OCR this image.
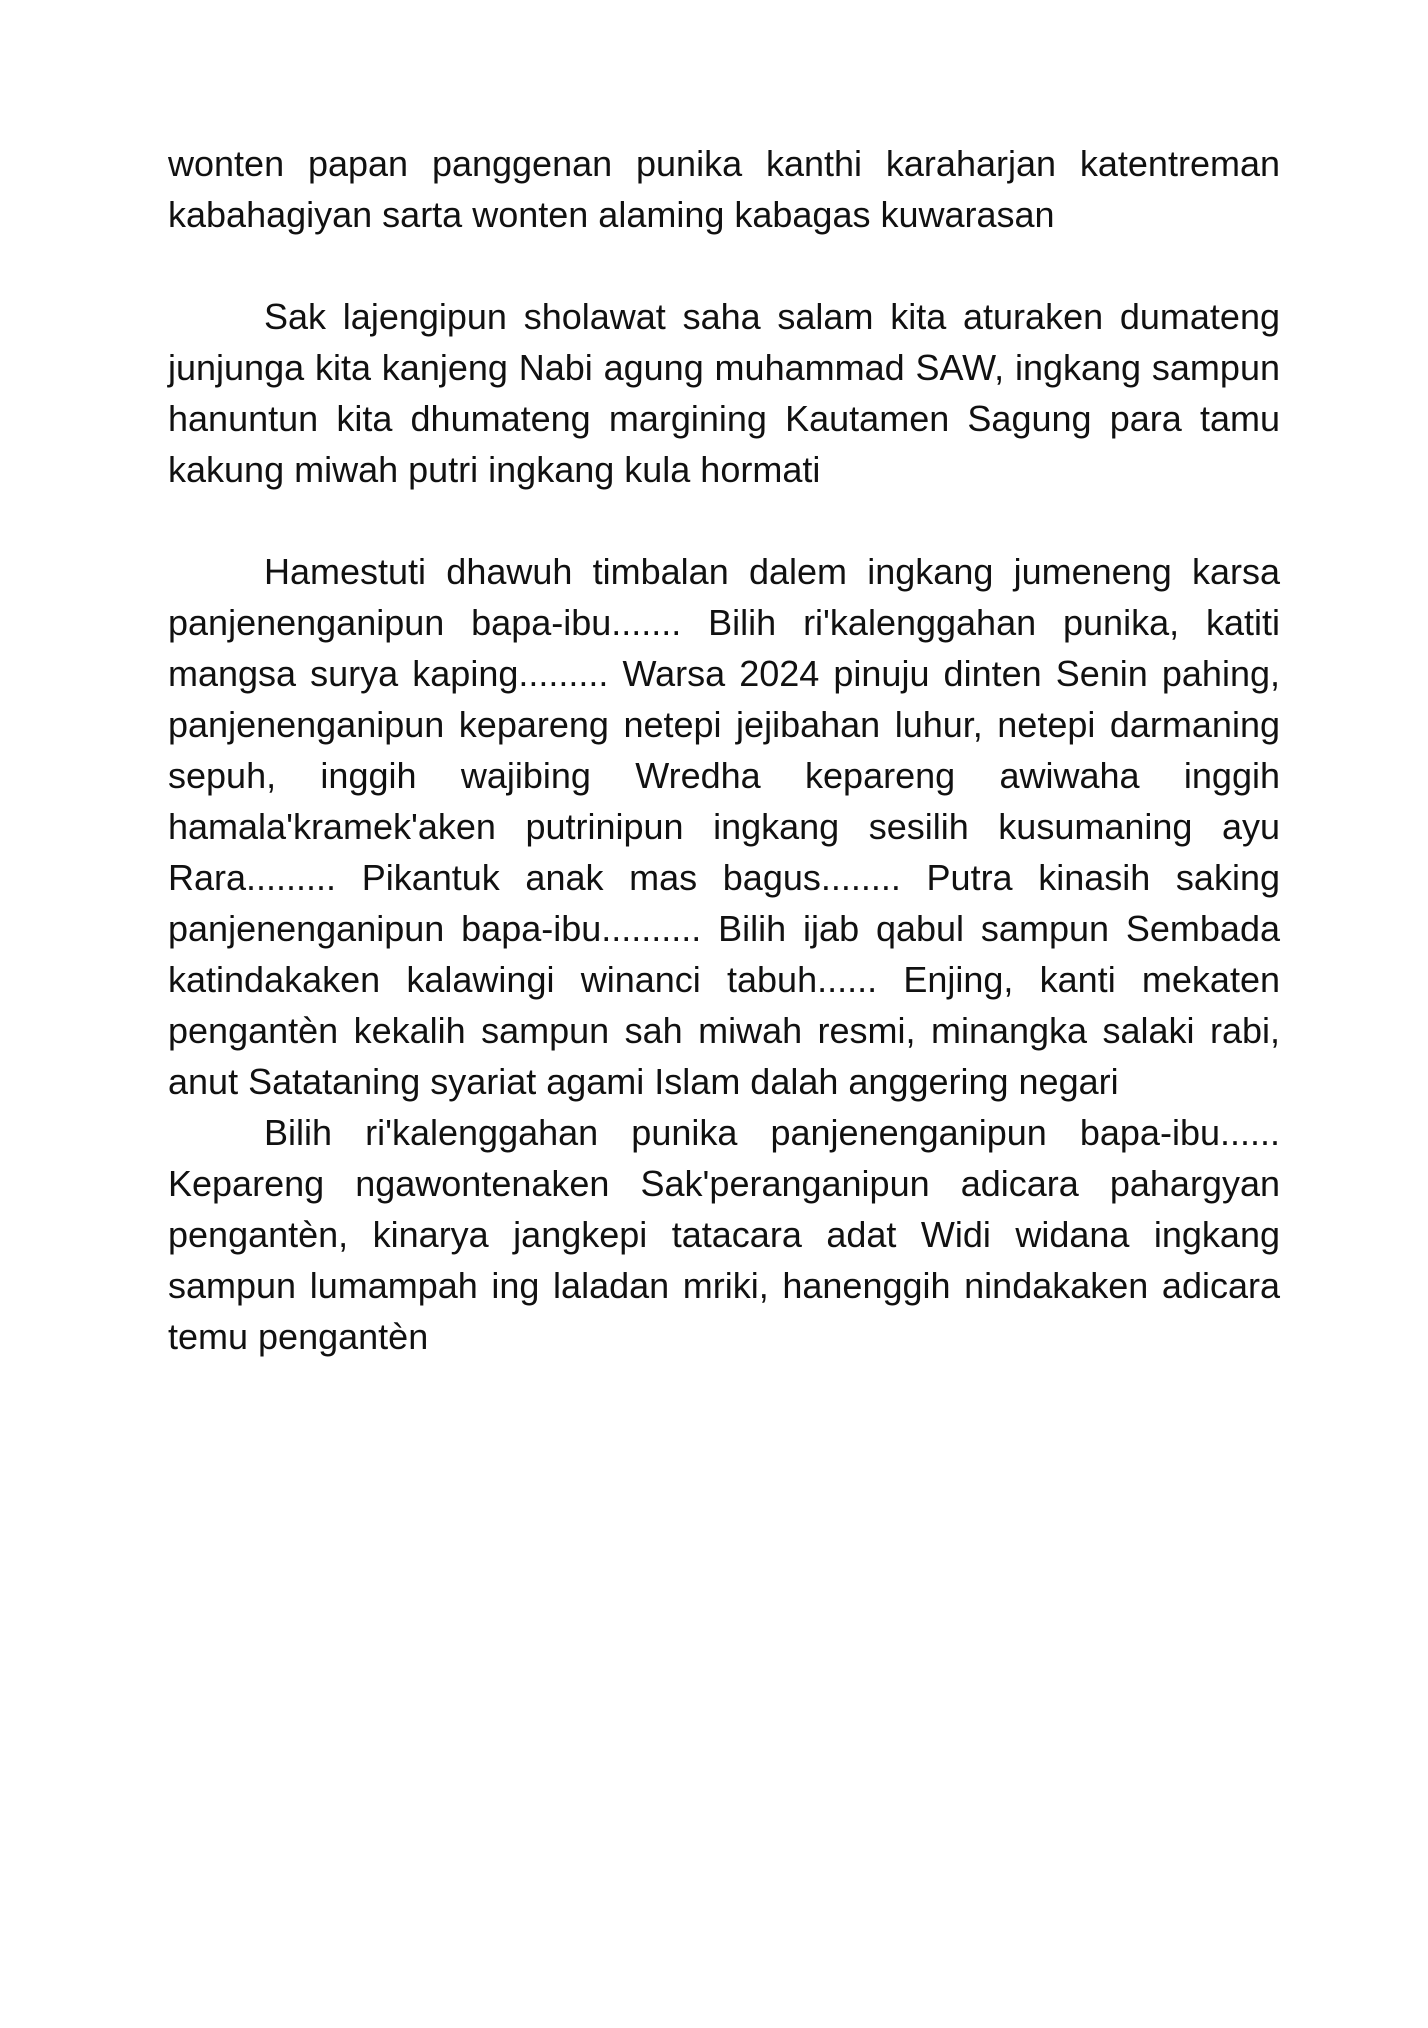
wonten papan panggenan punika kanthi karaharjan katentreman kabahagiyan sarta wonten alaming kabagas kuwarasan

Sak lajengipun sholawat saha salam kita aturaken dumateng junjunga kita kanjeng Nabi agung muhammad SAW, ingkang sampun hanuntun kita dhumateng margining Kautamen Sagung para tamu kakung miwah putri ingkang kula hormati

Hamestuti dhawuh timbalan dalem ingkang jumeneng karsa panjenenganipun bapa-ibu....... Bilih ri'kalenggahan punika, katiti mangsa surya kaping......... Warsa 2024 pinuju dinten Senin pahing, panjenenganipun kepareng netepi jejibahan luhur, netepi darmaning sepuh, inggih wajibing Wredha kepareng awiwaha inggih hamala'kramek'aken putrinipun ingkang sesilih kusumaning ayu Rara......... Pikantuk anak mas bagus........ Putra kinasih saking panjenenganipun bapa-ibu.......... Bilih ijab qabul sampun Sembada katindakaken kalawingi winanci tabuh...... Enjing, kanti mekaten pengantèn kekalih sampun sah miwah resmi, minangka salaki rabi, anut Satataning syariat agami Islam dalah anggering negari

Bilih ri'kalenggahan punika panjenenganipun bapa-ibu...... Kepareng ngawontenaken Sak'peranganipun adicara pahargyan pengantèn, kinarya jangkepi tatacara adat Widi widana ingkang sampun lumampah ing laladan mriki, hanenggih nindakaken adicara temu pengantèn
